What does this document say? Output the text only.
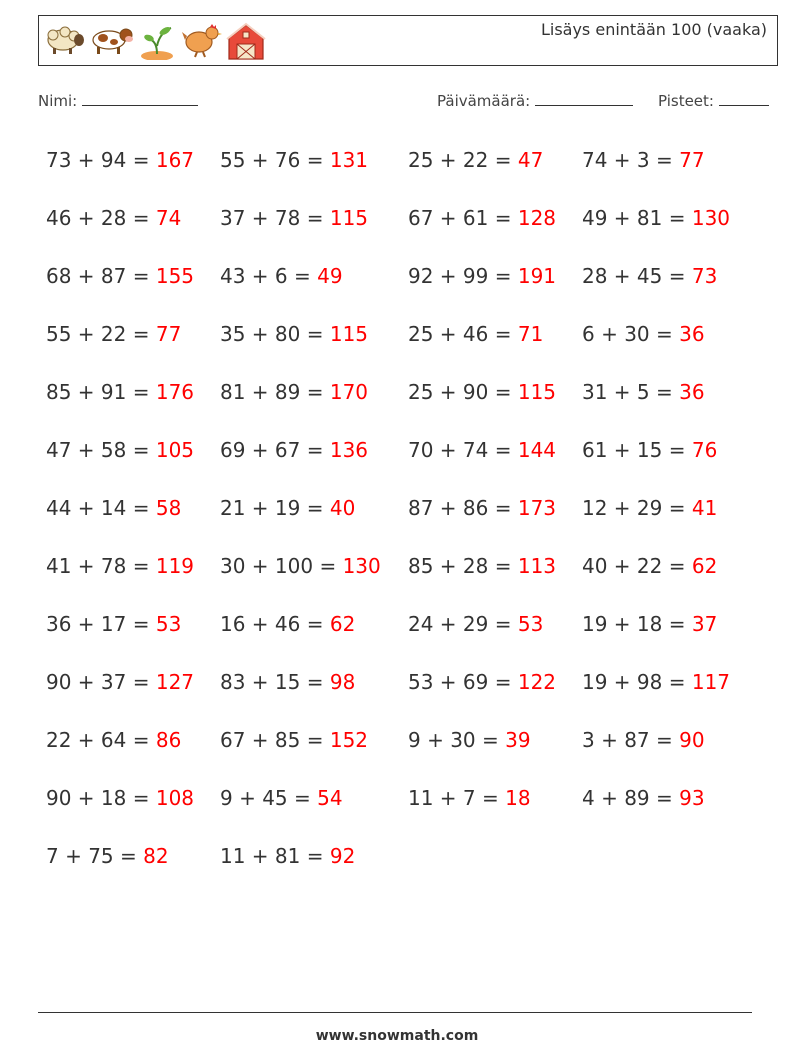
Lisäys enintään 100 (vaaka)
Nimi:	Päivämäärä:	Pisteet:
73 + 94 = 167 55 + 76 = 131 25 + 22 = 47 74 + 3 = 77
46 + 28 = 74 37 + 78 = 115 67 + 61 = 128 49 + 81 = 130
68 + 87 = 155 43 + 6 = 49	92 + 99 = 191 28 + 45 = 73
55 + 22 = 77 35 + 80 = 115 25 + 46 = 71 6 + 30 = 36
85 + 91 = 176 81 + 89 = 170 25 + 90 = 115 31 + 5 = 36
47 + 58 = 105 69 + 67 = 136 70 + 74 = 144 61 + 15 = 76
44 + 14 = 58 21 + 19 = 40	87 + 86 = 173 12 + 29 = 41
41 + 78 = 119 30 + 100 = 130 85 + 28 = 113 40 + 22 = 62
36 + 17 = 53 16 + 46 = 62	24 + 29 = 53 19 + 18 = 37
90 + 37 = 127 83 + 15 = 98	53 + 69 = 122 19 + 98 = 117
22 + 64 = 86 67 + 85 = 152 9 + 30 = 39	3 + 87 = 90
90 + 18 = 108 9 + 45 = 54	11 + 7 = 18	4 + 89 = 93
7 + 75 = 82	11 + 81 = 92
www.snowmath.com
